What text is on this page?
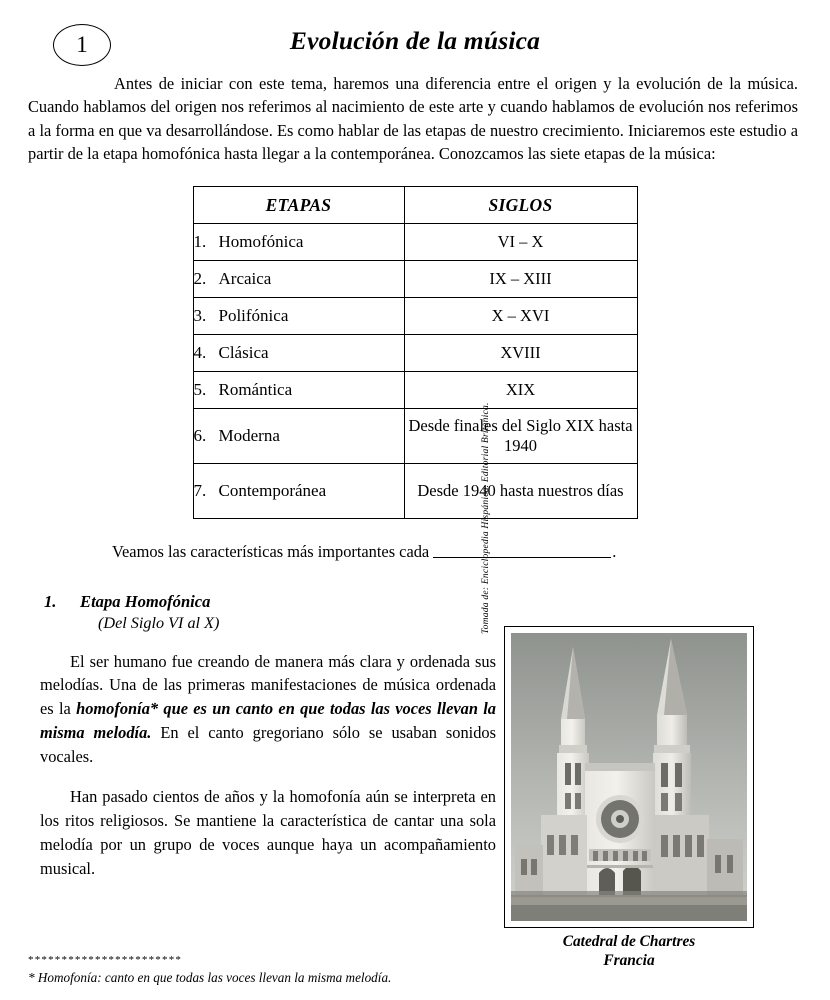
1	Evolución de la música

Antes de iniciar con este tema, haremos una diferencia entre el origen y la evolución de la música. Cuando hablamos del origen nos referimos al nacimiento de este arte y cuando hablamos de evolución nos referimos a la forma en que va desarrollándose. Es como hablar de las etapas de nuestro crecimiento. Iniciaremos este estudio a partir de la etapa homofónica hasta llegar a la contemporánea. Conozcamos las siete etapas de la música:

ETAPAS	SIGLOS
1. Homofónica	VI – X
2. Arcaica	IX – XIII
3. Polifónica	X – XVI
4. Clásica	XVIII
5. Romántica	XIX
6. Moderna	Desde finales del Siglo XIX hasta 1940
7. Contemporánea	Desde 1940 hasta nuestros días
Veamos las características más importantes cada	.
1. Etapa Homofónica
(Del Siglo VI al X)	Tomada de: Enciclopedia Hispánica. Editorial Británica.
Catedral de Chartres
Francia

El ser humano fue creando de manera más clara y ordenada sus melodías. Una de las primeras manifestaciones de música ordenada es la homofonía* que es un canto en que todas las voces llevan la misma melodía. En el canto gregoriano sólo se usaban sonidos vocales.

Han pasado cientos de años y la homofonía aún se interpreta en los ritos religiosos. Se mantiene la característica de cantar una sola melodía por un grupo de voces aunque haya un acompañamiento musical.

***********************
* Homofonía: canto en que todas las voces llevan la misma melodía.
